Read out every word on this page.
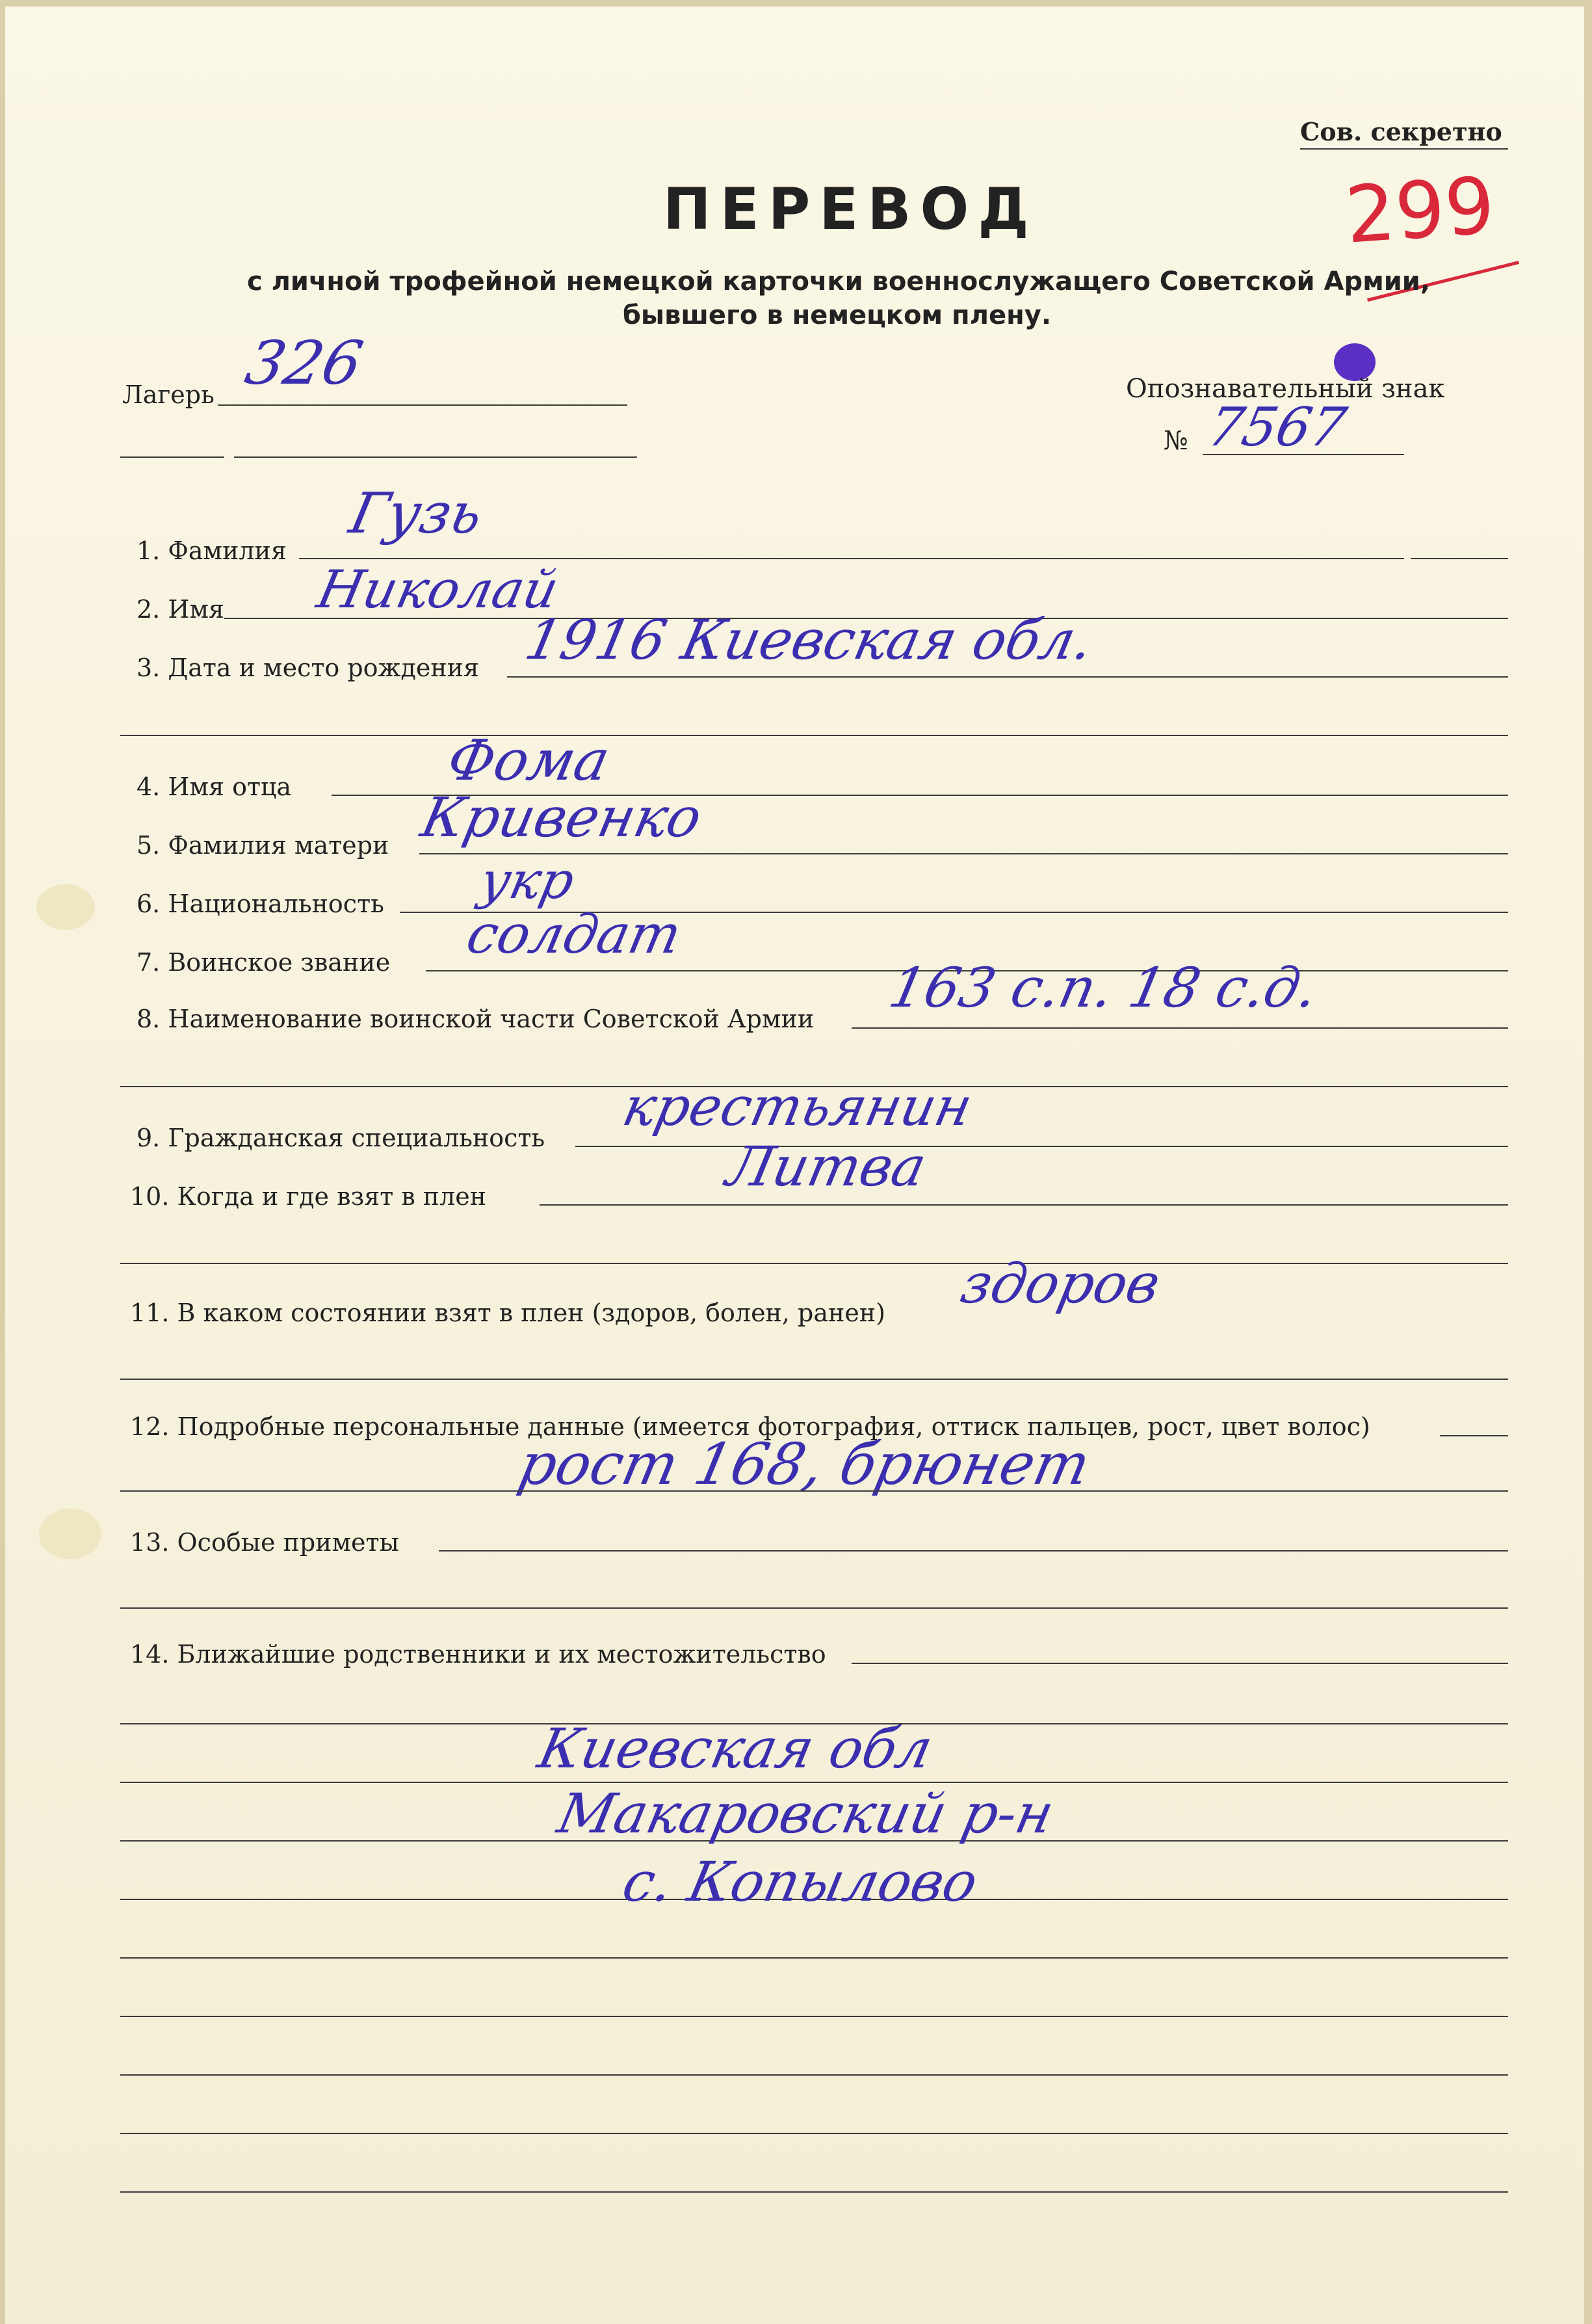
Сов. секретно
299
ПЕРЕВОД
с личной трофейной немецкой карточки военнослужащего Советской Армии,
бывшего в немецком плену.
Лагерь 326	Опознавательный знак
№ 7567
1. Фамилия
Гузь
2. Имя Николай
3. Дата и место рождения 1916 Киевская обл.
4. Имя отца	Фома
5. Фамилия матери Кривенко
6. Национальность укр
7. Воинское звание солдат
8. Наименование воинской части Советской Армии 163 с.п. 18 с.д.
9. Гражданская специальность крестьянин
10. Когда и где взят в плен	Литва
11. В каком состоянии взят в плен (здоров, болен, ранен) здоров
12. Подробные персональные данные (имеется фотография, оттиск пальцев, рост, цвет волос)
рост 168, брюнет
13. Особые приметы
14. Ближайшие родственники и их местожительство
Киевская обл
Макаровский р-н
с. Копылово
